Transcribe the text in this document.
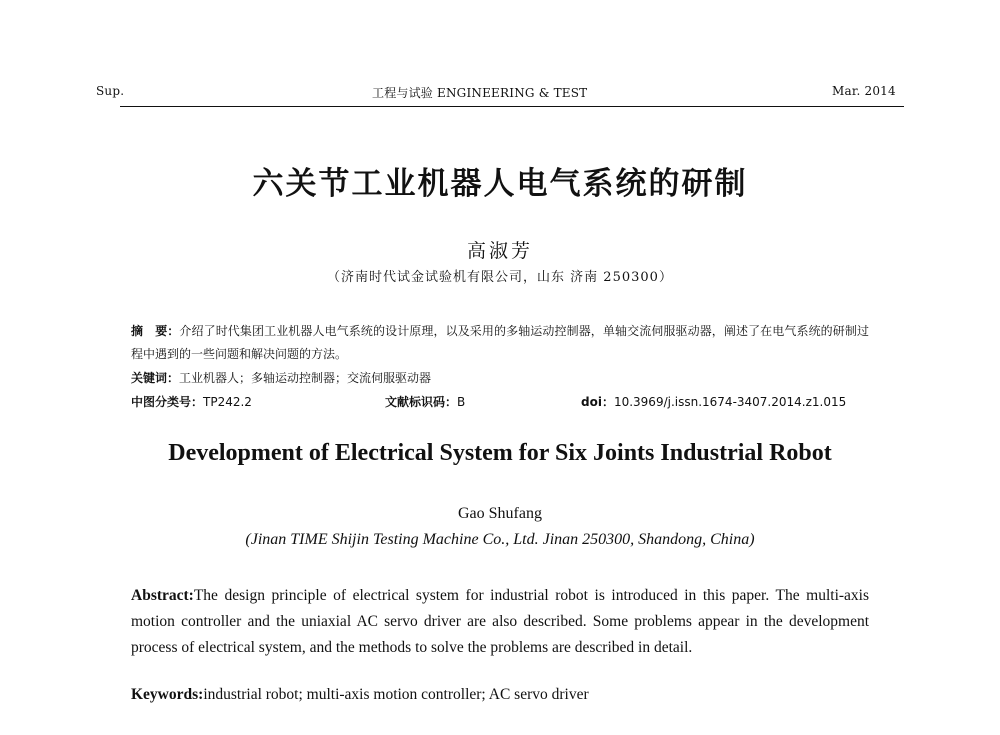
Sup.	工程与试验 ENGINEERING & TEST	Mar. 2014
六关节工业机器人电气系统的研制
高淑芳
（济南时代试金试验机有限公司，山东 济南 250300）
摘　要：介绍了时代集团工业机器人电气系统的设计原理，以及采用的多轴运动控制器，单轴交流伺服驱动器，阐述了在电气系统的研制过程中遇到的一些问题和解决问题的方法。
关键词：工业机器人；多轴运动控制器；交流伺服驱动器
中图分类号：TP242.2	文献标识码：B	doi：10.3969/j.issn.1674-3407.2014.z1.015
Development of Electrical System for Six Joints Industrial Robot
Gao Shufang
(Jinan TIME Shijin Testing Machine Co., Ltd. Jinan 250300, Shandong, China)
Abstract:The design principle of electrical system for industrial robot is introduced in this paper. The multi-axis motion controller and the uniaxial AC servo driver are also described. Some problems appear in the development process of electrical system, and the methods to solve the problems are described in detail.
Keywords:industrial robot; multi-axis motion controller; AC servo driver
